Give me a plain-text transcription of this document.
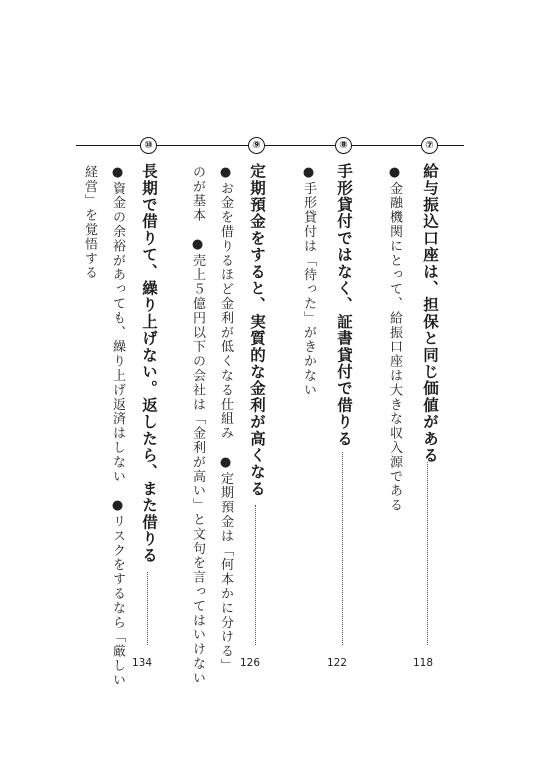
⑦
給与振込口座は、担保と同じ価値がある
118
●金融機関にとって、給振口座は大きな収入源である
⑧
手形貸付ではなく、証書貸付で借りる
122
●手形貸付は「待った」がきかない
⑨
定期預金をすると、実質的な金利が高くなる
126
●お金を借りるほど金利が低くなる仕組み　●定期預金は「何本かに分ける」
のが基本　●売上５億円以下の会社は「金利が高い」と文句を言ってはいけない
⑩
長期で借りて、繰り上げない。返したら、また借りる
134
●資金の余裕があっても、繰り上げ返済はしない　●リスクをするなら「厳しい
経営」を覚悟する
